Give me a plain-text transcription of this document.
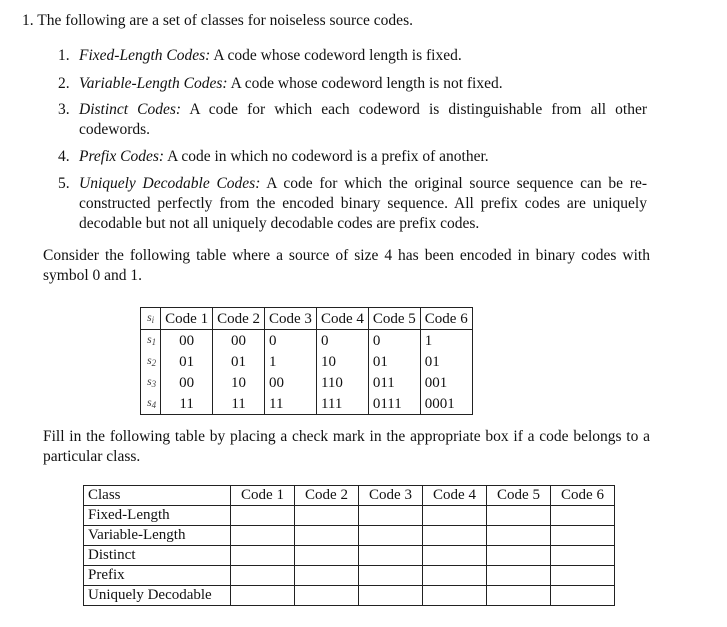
1. The following are a set of classes for noiseless source codes.
1. Fixed-Length Codes: A code whose codeword length is fixed.
2. Variable-Length Codes: A code whose codeword length is not fixed.
3. Distinct Codes: A code for which each codeword is distinguishable from all other codewords.
4. Prefix Codes: A code in which no codeword is a prefix of another.
5. Uniquely Decodable Codes: A code for which the original source sequence can be re-constructed perfectly from the encoded binary sequence. All prefix codes are uniquely decodable but not all uniquely decodable codes are prefix codes.
Consider the following table where a source of size 4 has been encoded in binary codes with symbol 0 and 1.
$s_i$	Code 1	Code 2	Code 3	Code 4	Code 5	Code 6
$s_1$	00	00	0	0	0	1
$s_2$	01	01	1	10	01	01
$s_3$	00	10	00	110	011	001
$s_4$	11	11	11	111	0111	0001
Fill in the following table by placing a check mark in the appropriate box if a code belongs to a particular class.
Class	Code 1	Code 2	Code 3	Code 4	Code 5	Code 6
Fixed-Length						
Variable-Length						
Distinct						
Prefix						
Uniquely Decodable						
